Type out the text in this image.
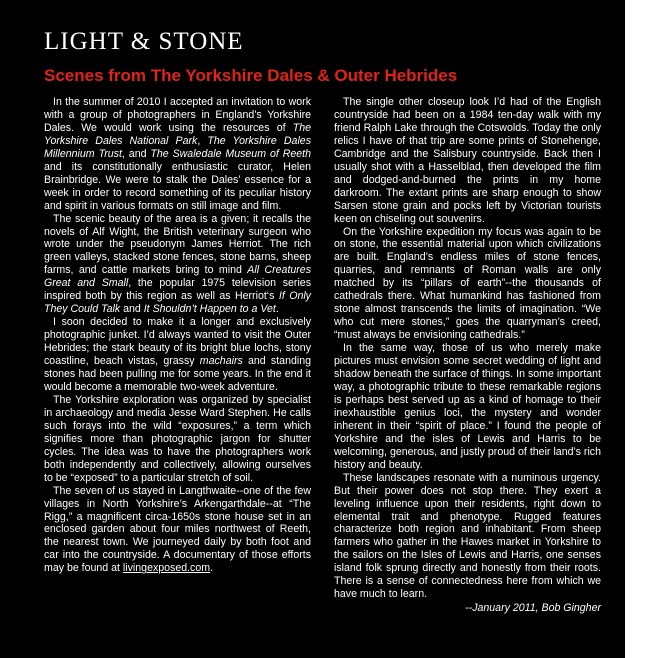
LIGHT & STONE
Scenes from The Yorkshire Dales & Outer Hebrides

In the summer of 2010 I accepted an invitation to work with a group of photographers in England’s Yorkshire Dales. We would work using the resources of The Yorkshire Dales National Park, The Yorkshire Dales Millennium Trust, and The Swaledale Museum of Reeth and its constitutionally enthusiastic curator, Helen Brainbridge. We were to stalk the Dales’ essence for a week in order to record something of its peculiar history and spirit in various formats on still image and film.

The scenic beauty of the area is a given; it recalls the novels of Alf Wight, the British veterinary surgeon who wrote under the pseudonym James Herriot. The rich green valleys, stacked stone fences, stone barns, sheep farms, and cattle markets bring to mind All Creatures Great and Small, the popular 1975 television series inspired both by this region as well as Herriot‘s If Only They Could Talk and It Shouldn’t Happen to a Vet.

I soon decided to make it a longer and exclusively photographic junket. I’d always wanted to visit the Outer Hebrides; the stark beauty of its bright blue lochs, stony coastline, beach vistas, grassy machairs and standing stones had been pulling me for some years. In the end it would become a memorable two-week adventure.

The Yorkshire exploration was organized by specialist in archaeology and media Jesse Ward Stephen. He calls such forays into the wild “exposures,” a term which signifies more than photographic jargon for shutter cycles. The idea was to have the photographers work both independently and collectively, allowing ourselves to be “exposed” to a particular stretch of soil.

The seven of us stayed in Langthwaite--one of the few villages in North Yorkshire’s Arkengarthdale--at “The Rigg,” a magnificent circa-1650s stone house set in an enclosed garden about four miles northwest of Reeth, the nearest town. We journeyed daily by both foot and car into the countryside. A documentary of those efforts may be found at livingexposed.com.

The single other closeup look I’d had of the English countryside had been on a 1984 ten-day walk with my friend Ralph Lake through the Cotswolds. Today the only relics I have of that trip are some prints of Stonehenge, Cambridge and the Salisbury countryside. Back then I usually shot with a Hasselblad, then developed the film and dodged-and-burned the prints in my home darkroom. The extant prints are sharp enough to show Sarsen stone grain and pocks left by Victorian tourists keen on chiseling out souvenirs.

On the Yorkshire expedition my focus was again to be on stone, the essential material upon which civilizations are built. England’s endless miles of stone fences, quarries, and remnants of Roman walls are only matched by its “pillars of earth”--the thousands of cathedrals there. What humankind has fashioned from stone almost transcends the limits of imagination. “We who cut mere stones,” goes the quarryman’s creed, “must always be envisioning cathedrals.”

In the same way, those of us who merely make pictures must envision some secret wedding of light and shadow beneath the surface of things. In some important way, a photographic tribute to these remarkable regions is perhaps best served up as a kind of homage to their inexhaustible genius loci, the mystery and wonder inherent in their “spirit of place.” I found the people of Yorkshire and the isles of Lewis and Harris to be welcoming, generous, and justly proud of their land’s rich history and beauty.

These landscapes resonate with a numinous urgency. But their power does not stop there. They exert a leveling influence upon their residents, right down to elemental trait and phenotype. Rugged features characterize both region and inhabitant. From sheep farmers who gather in the Hawes market in Yorkshire to the sailors on the Isles of Lewis and Harris, one senses island folk sprung directly and honestly from their roots. There is a sense of connectedness here from which we have much to learn.

--January 2011, Bob Gingher
